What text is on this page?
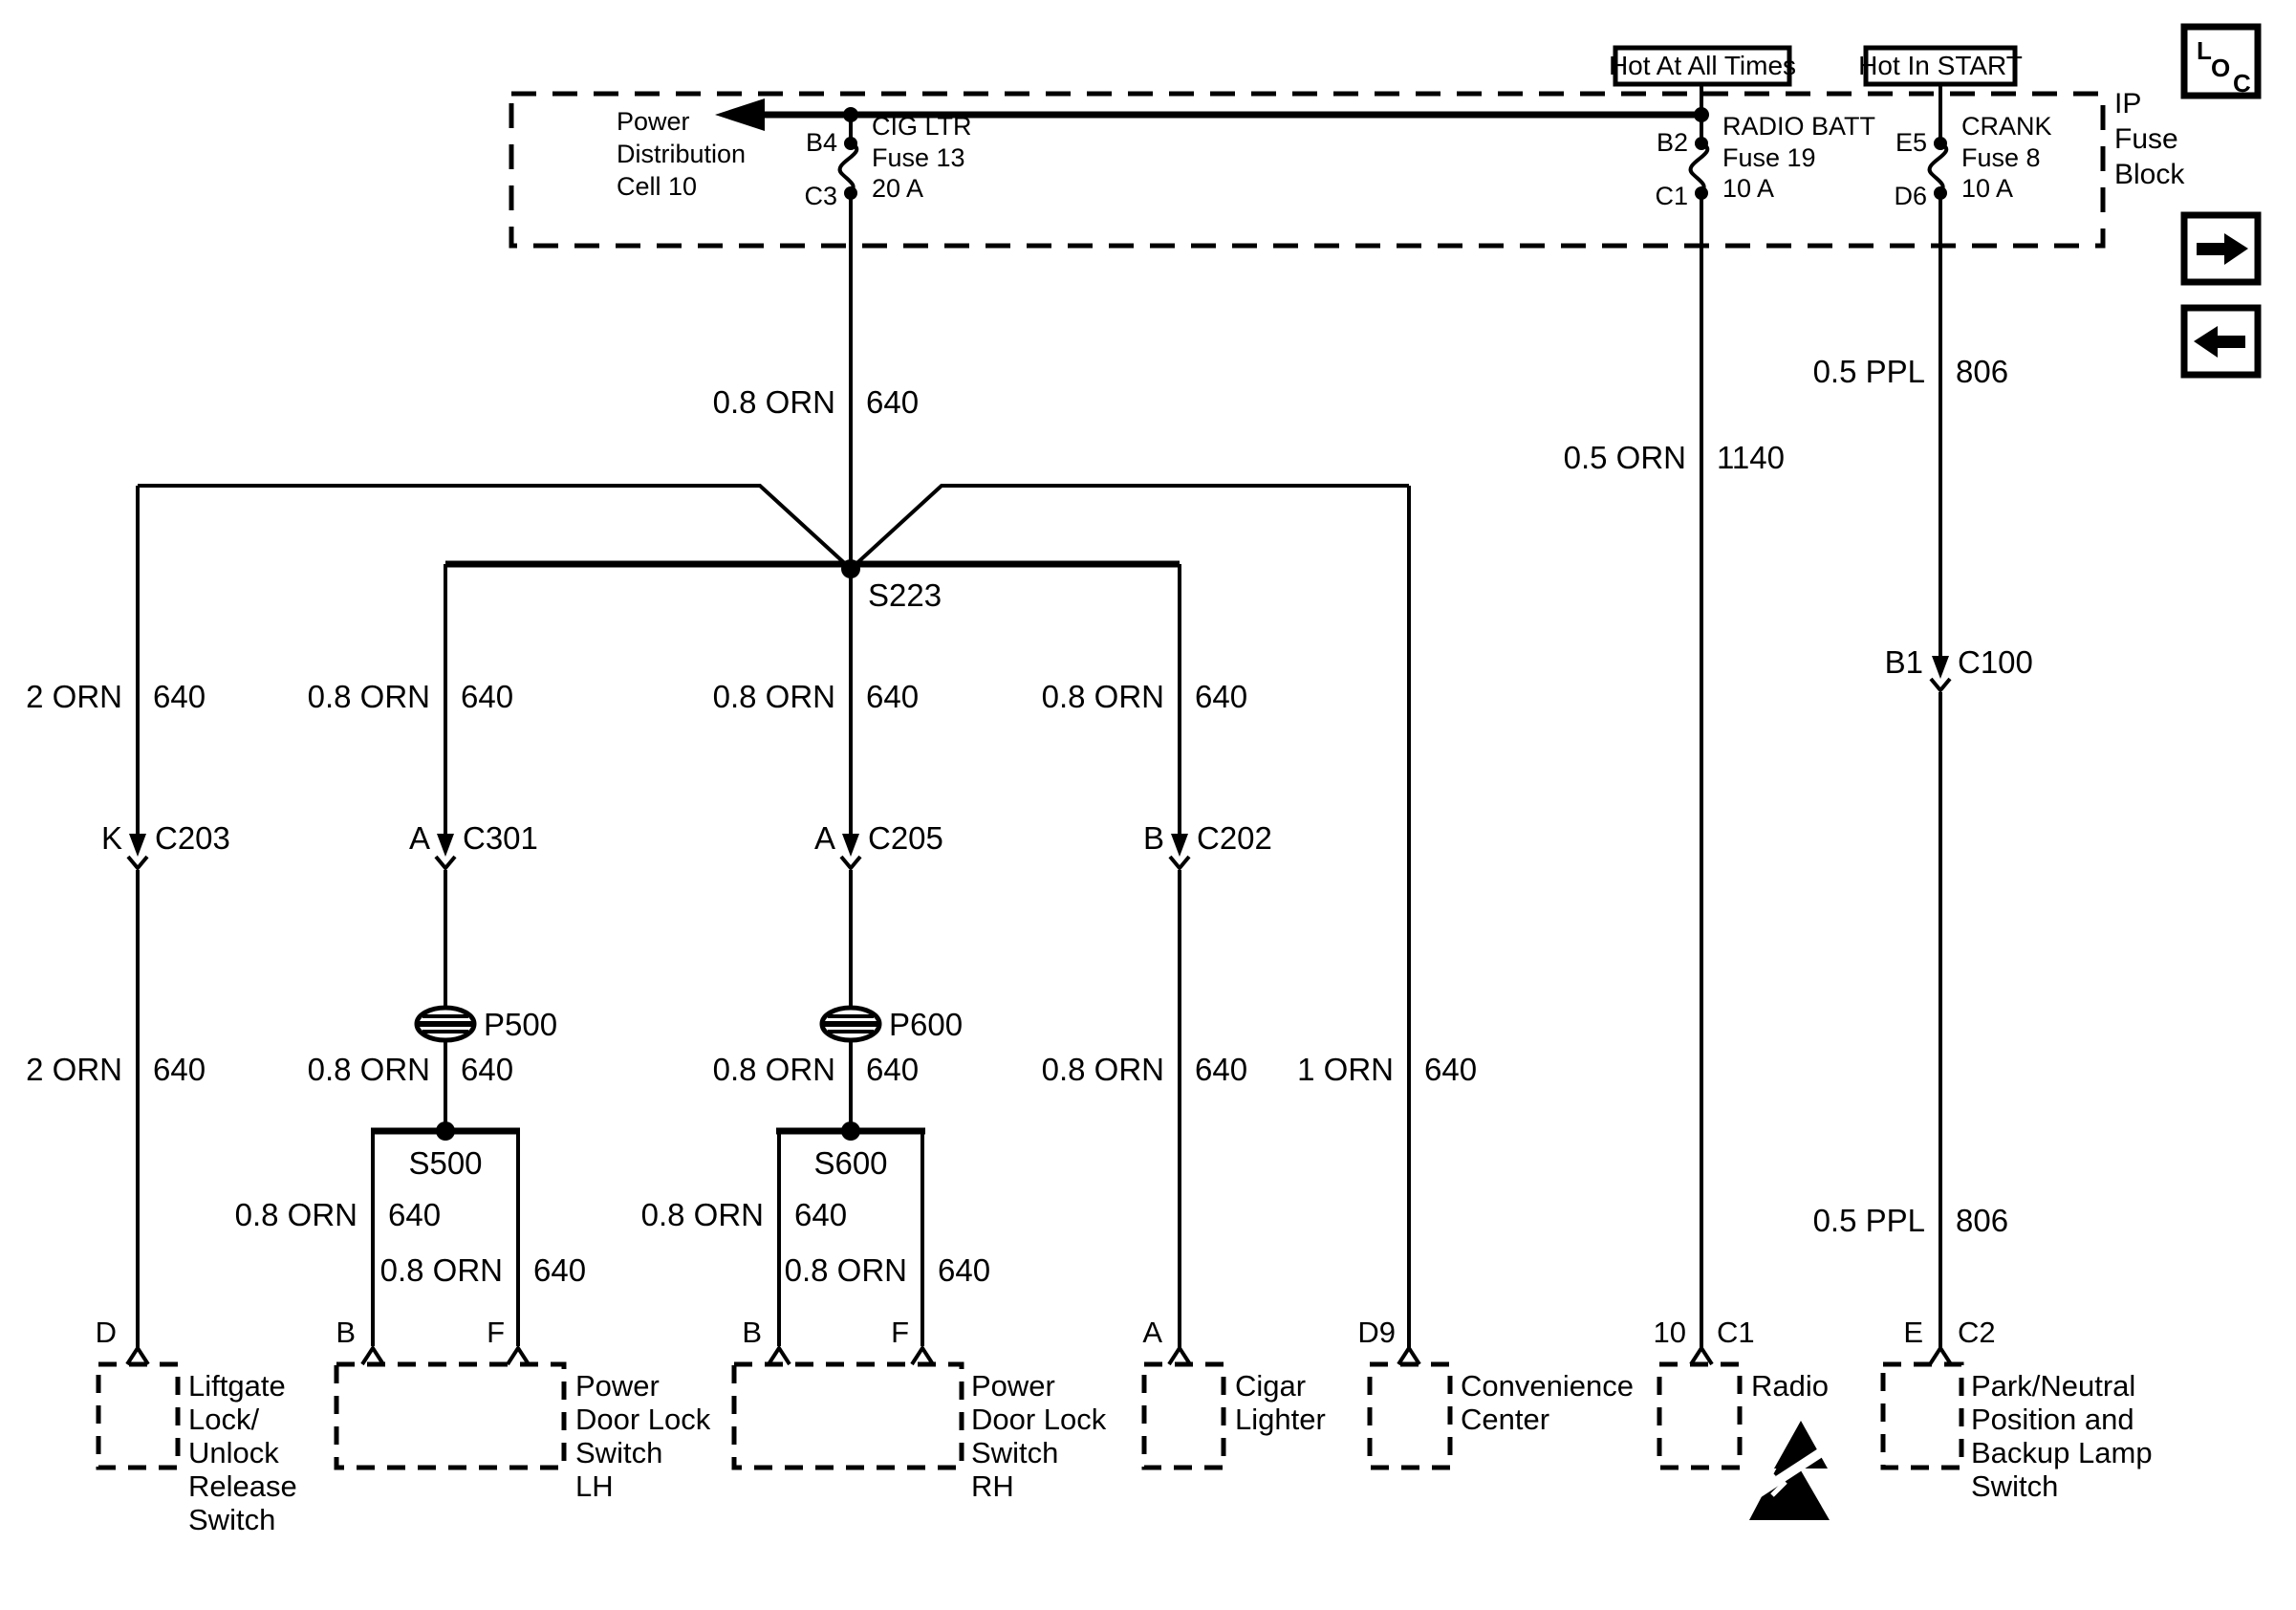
IP
Fuse
Block
Hot At All Times Hot In START
Power
Distribution
Cell 10
B4
C3
CIG LTR
Fuse 13
20 A
B2
C1
RADIO BATT
Fuse 19
10 A
E5
D6
CRANK
Fuse 8
10 A
0.8 ORN 640
S223
2 ORN 640
K C203
2 ORN 640
0.8 ORN 640
A C301
P500
0.8 ORN 640
S500
0.8 ORN 640
0.8 ORN 640
0.8 ORN 640
A C205
P600
0.8 ORN 640
S600
0.8 ORN 640
0.8 ORN 640
0.8 ORN 640
B C202
0.8 ORN 640 1 ORN 640
0.5 ORN 1140
0.5 PPL 806
B1 C100
0.5 PPL 806
D	B	F	B	F	A	D9	10 C1	E C2
Liftgate
Lock/
Unlock
Release
Switch
Power
Door Lock
Switch
LH
Power
Door Lock
Switch
RH
Cigar
Lighter
Convenience
Center
Radio	Park/Neutral
Position and
Backup Lamp
Switch
L
O
C
